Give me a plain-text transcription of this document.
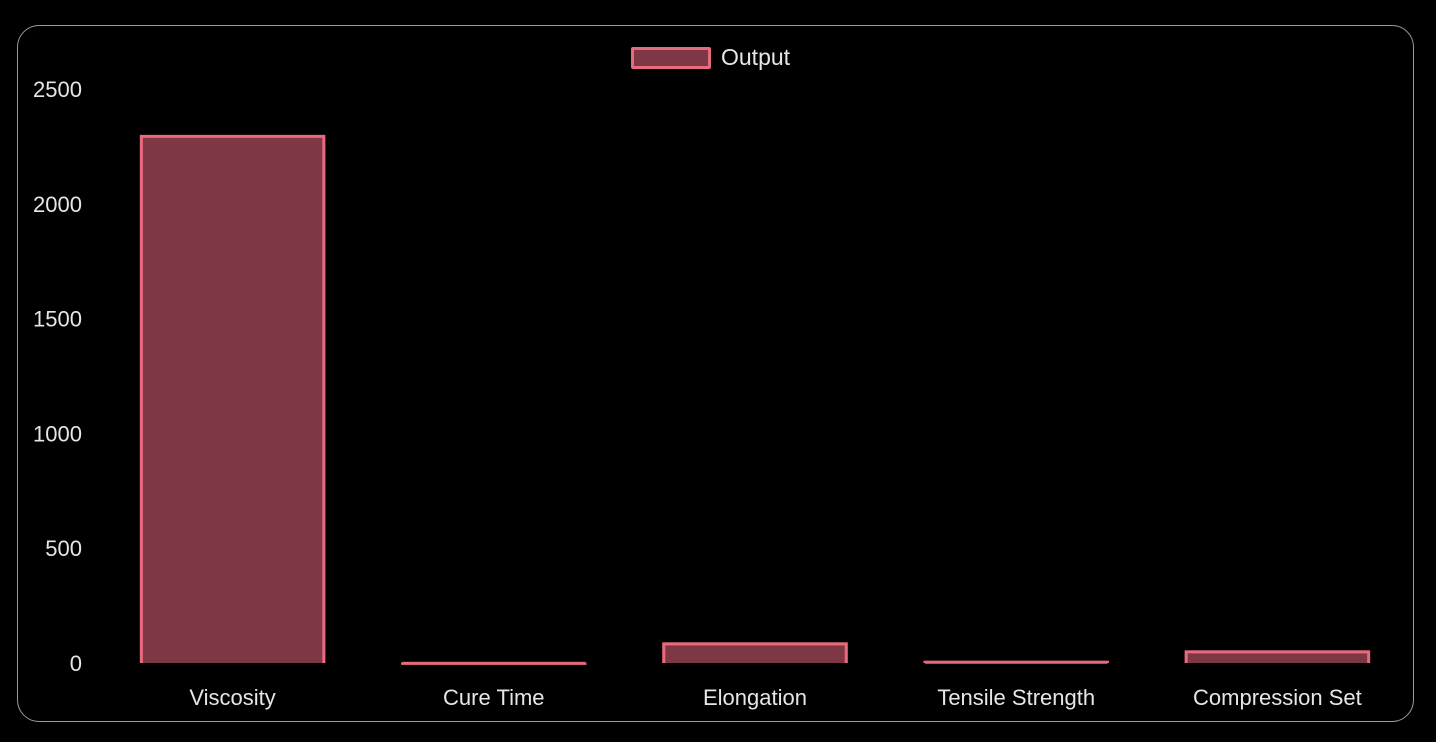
Output
0
500
1000
1500
2000
2500
Viscosity	Cure Time	Elongation	Tensile Strength	Compression Set
